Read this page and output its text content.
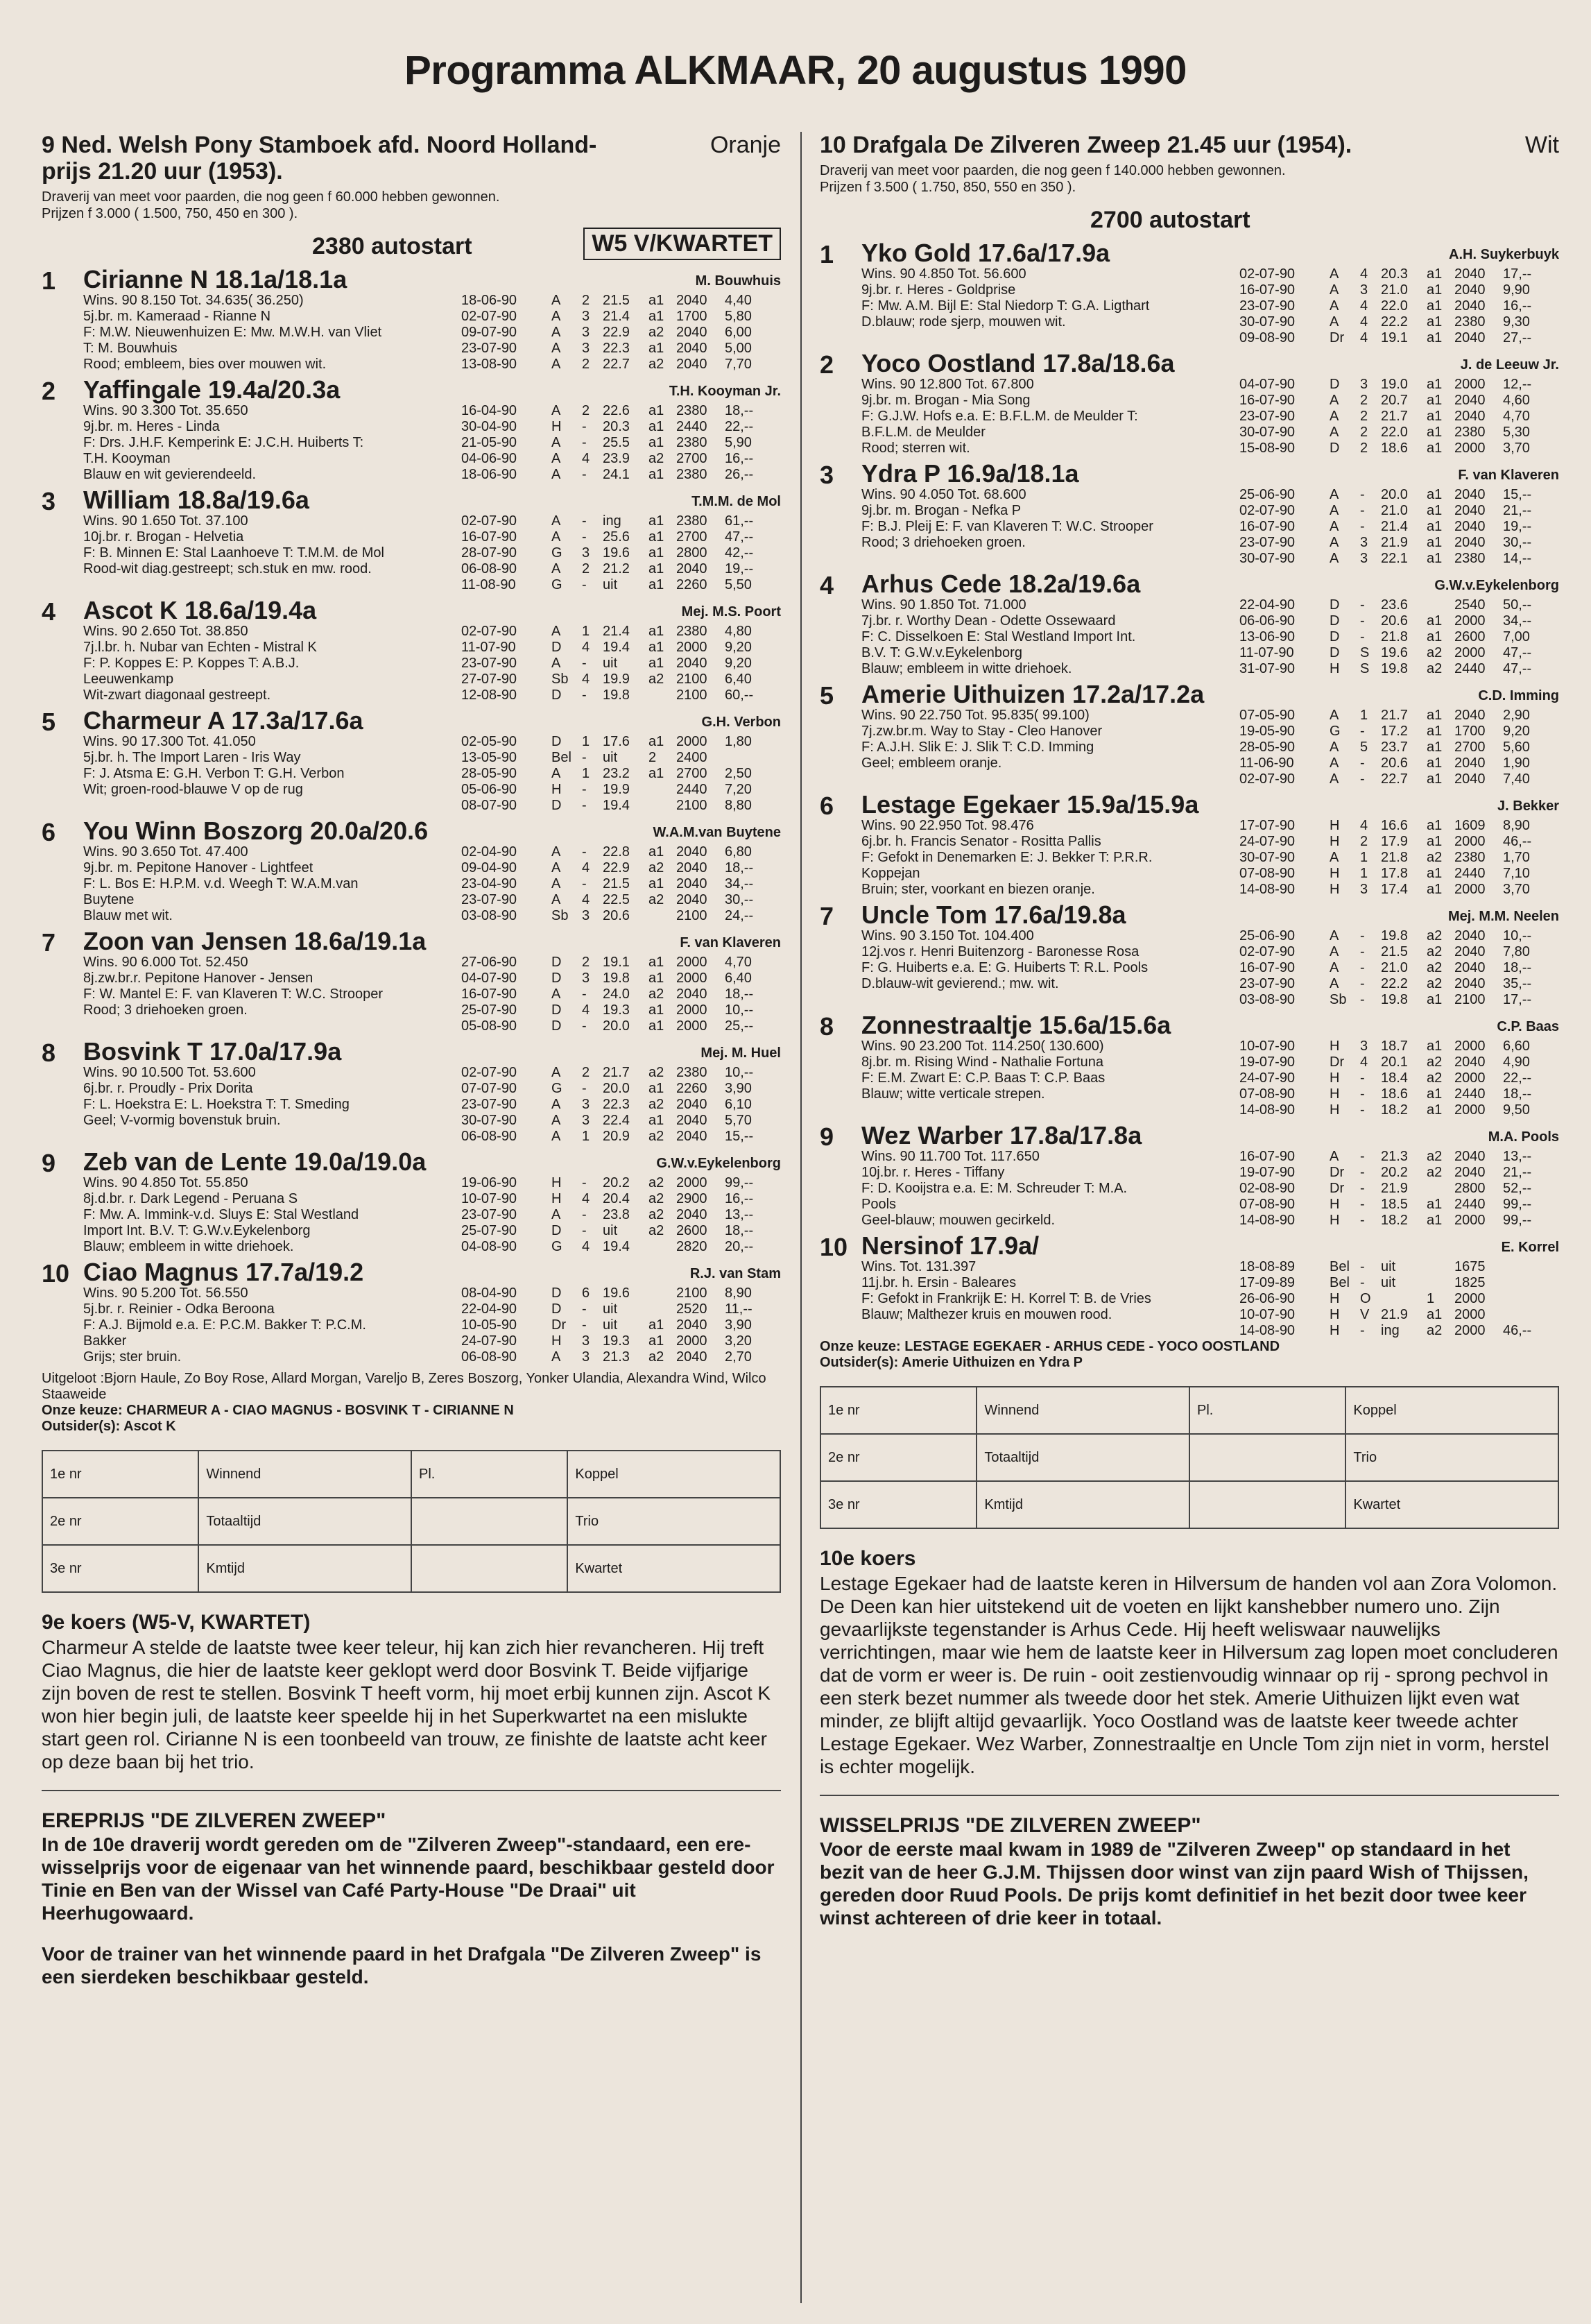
Programma ALKMAAR, 20 augustus 1990
9 Ned. Welsh Pony Stamboek afd. Noord Holland-prijs 21.20 uur (1953).
Oranje
Draverij van meet voor paarden, die nog geen f 60.000 hebben gewonnen.
Prijzen f 3.000 ( 1.500, 750, 450 en 300 ).
2380 autostart	W5 V/KWARTET
1 Cirianne N 18.1a/18.1a	M. Bouwhuis
Wins. 90 8.150 Tot. 34.635( 36.250)
5j.br. m. Kameraad - Rianne N
F: M.W. Nieuwenhuizen E: Mw. M.W.H. van Vliet
T: M. Bouwhuis
Rood; embleem, bies over mouwen wit.
18-06-90	A	2 21.5	a1 2040	4,40
02-07-90	A	3 21.4	a1 1700	5,80
09-07-90	A	3 22.9	a2 2040	6,00
23-07-90	A	3 22.3	a1 2040	5,00
13-08-90	A	2 22.7	a2 2040	7,70
2 Yaffingale 19.4a/20.3a	T.H. Kooyman Jr.
Wins. 90 3.300 Tot. 35.650
9j.br. m. Heres - Linda
F: Drs. J.H.F. Kemperink E: J.C.H. Huiberts T:
T.H. Kooyman
Blauw en wit gevierendeeld.
16-04-90	A	2 22.6	a1 2380	18,--
30-04-90	H	-	20.3	a1 2440	22,--
21-05-90	A	-	25.5	a1 2380	5,90
04-06-90	A	4 23.9	a2 2700	16,--
18-06-90	A	-	24.1	a1 2380	26,--
3 William 18.8a/19.6a	T.M.M. de Mol
Wins. 90 1.650 Tot. 37.100
10j.br. r. Brogan - Helvetia
F: B. Minnen E: Stal Laanhoeve T: T.M.M. de Mol
Rood-wit diag.gestreept; sch.stuk en mw. rood.
02-07-90	A	-	ing	a1 2380	61,--
16-07-90	A	-	25.6	a1 2700	47,--
28-07-90	G	3 19.6	a1 2800	42,--
06-08-90	A	2 21.2	a1 2040	19,--
11-08-90	G	-	uit	a1 2260	5,50
4 Ascot K 18.6a/19.4a	Mej. M.S. Poort
Wins. 90 2.650 Tot. 38.850
7j.l.br. h. Nubar van Echten - Mistral K
F: P. Koppes E: P. Koppes T: A.B.J.
Leeuwenkamp
Wit-zwart diagonaal gestreept.
02-07-90	A	1 21.4	a1 2380	4,80
11-07-90	D	4 19.4	a1 2000	9,20
23-07-90	A	-	uit	a1 2040	9,20
27-07-90	Sb 4 19.9	a2 2100	6,40
12-08-90	D	-	19.8	2100	60,--
5 Charmeur A 17.3a/17.6a	G.H. Verbon
Wins. 90 17.300 Tot. 41.050
5j.br. h. The Import Laren - Iris Way
F: J. Atsma E: G.H. Verbon T: G.H. Verbon
Wit; groen-rood-blauwe V op de rug
02-05-90	D	1 17.6	a1 2000	1,80
13-05-90	Bel -	uit	2	2400
28-05-90	A	1 23.2	a1 2700	2,50
05-06-90	H	-	19.9	2440	7,20
08-07-90	D	-	19.4	2100	8,80
6 You Winn Boszorg 20.0a/20.6	W.A.M.van Buytene
Wins. 90 3.650 Tot. 47.400
9j.br. m. Pepitone Hanover - Lightfeet
F: L. Bos E: H.P.M. v.d. Weegh T: W.A.M.van
Buytene
Blauw met wit.
02-04-90	A	-	22.8	a1 2040	6,80
09-04-90	A	4 22.9	a2 2040	18,--
23-04-90	A	-	21.5	a1 2040	34,--
23-07-90	A	4 22.5	a2 2040	30,--
03-08-90	Sb 3 20.6	2100	24,--
7 Zoon van Jensen 18.6a/19.1a	F. van Klaveren
Wins. 90 6.000 Tot. 52.450
8j.zw.br.r. Pepitone Hanover - Jensen
F: W. Mantel E: F. van Klaveren T: W.C. Strooper
Rood; 3 driehoeken groen.
27-06-90	D	2 19.1	a1 2000	4,70
04-07-90	D	3 19.8	a1 2000	6,40
16-07-90	A	-	24.0	a2 2040	18,--
25-07-90	D	4 19.3	a1 2000	10,--
05-08-90	D	-	20.0	a1 2000	25,--
8 Bosvink T 17.0a/17.9a	Mej. M. Huel
Wins. 90 10.500 Tot. 53.600
6j.br. r. Proudly - Prix Dorita
F: L. Hoekstra E: L. Hoekstra T: T. Smeding
Geel; V-vormig bovenstuk bruin.
02-07-90	A	2 21.7	a2 2380	10,--
07-07-90	G	-	20.0	a1 2260	3,90
23-07-90	A	3 22.3	a2 2040	6,10
30-07-90	A	3 22.4	a1 2040	5,70
06-08-90	A	1 20.9	a2 2040	15,--
9 Zeb van de Lente 19.0a/19.0a	G.W.v.Eykelenborg
Wins. 90 4.850 Tot. 55.850
8j.d.br. r. Dark Legend - Peruana S
F: Mw. A. Immink-v.d. Sluys E: Stal Westland
Import Int. B.V. T: G.W.v.Eykelenborg
Blauw; embleem in witte driehoek.
19-06-90	H	-	20.2	a2 2000	99,--
10-07-90	H	4 20.4	a2 2900	16,--
23-07-90	A	-	23.8	a2 2040	13,--
25-07-90	D	-	uit	a2 2600	18,--
04-08-90	G	4 19.4	2820	20,--
10 Ciao Magnus 17.7a/19.2	R.J. van Stam
Wins. 90 5.200 Tot. 56.550
5j.br. r. Reinier - Odka Beroona
F: A.J. Bijmold e.a. E: P.C.M. Bakker T: P.C.M.
Bakker
Grijs; ster bruin.
08-04-90	D	6 19.6	2100	8,90
22-04-90	D	-	uit	2520	11,--
10-05-90	Dr	-	uit	a1 2040	3,90
24-07-90	H	3 19.3	a1 2000	3,20
06-08-90	A	3 21.3	a2 2040	2,70
Uitgeloot :Bjorn Haule, Zo Boy Rose, Allard Morgan, Vareljo B, Zeres Boszorg, Yonker Ulandia, Alexandra Wind, Wilco Staaweide
Onze keuze: CHARMEUR A - CIAO MAGNUS - BOSVINK T - CIRIANNE N
Outsider(s): Ascot K
1e nr	Winnend	Pl.	Koppel
2e nr	Totaaltijd		Trio
3e nr	Kmtijd		Kwartet
9e koers (W5-V, KWARTET)
Charmeur A stelde de laatste twee keer teleur, hij kan zich hier revancheren. Hij treft Ciao Magnus, die hier de laatste keer geklopt werd door Bosvink T. Beide vijfjarige zijn boven de rest te stellen. Bosvink T heeft vorm, hij moet erbij kunnen zijn. Ascot K won hier begin juli, de laatste keer speelde hij in het Superkwartet na een mislukte start geen rol. Cirianne N is een toonbeeld van trouw, ze finishte de laatste acht keer op deze baan bij het trio.
EREPRIJS "DE ZILVEREN ZWEEP"
In de 10e draverij wordt gereden om de "Zilveren Zweep"-standaard, een ere-wisselprijs voor de eigenaar van het winnende paard, beschikbaar gesteld door Tinie en Ben van der Wissel van Café Party-House "De Draai" uit Heerhugowaard.
Voor de trainer van het winnende paard in het Drafgala "De Zilveren Zweep" is een sierdeken beschikbaar gesteld.
10 Drafgala De Zilveren Zweep 21.45 uur (1954).	Wit
Draverij van meet voor paarden, die nog geen f 140.000 hebben gewonnen.
Prijzen f 3.500 ( 1.750, 850, 550 en 350 ).
2700 autostart
1 Yko Gold 17.6a/17.9a	A.H. Suykerbuyk
Wins. 90 4.850 Tot. 56.600
9j.br. r. Heres - Goldprise
F: Mw. A.M. Bijl E: Stal Niedorp T: G.A. Ligthart
D.blauw; rode sjerp, mouwen wit.
02-07-90	A	4 20.3	a1 2040	17,--
16-07-90	A	3 21.0	a1 2040	9,90
23-07-90	A	4 22.0	a1 2040	16,--
30-07-90	A	4 22.2	a1 2380	9,30
09-08-90	Dr	4 19.1	a1 2040	27,--
2 Yoco Oostland 17.8a/18.6a	J. de Leeuw Jr.
Wins. 90 12.800 Tot. 67.800
9j.br. m. Brogan - Mia Song
F: G.J.W. Hofs e.a. E: B.F.L.M. de Meulder T:
B.F.L.M. de Meulder
Rood; sterren wit.
04-07-90	D	3 19.0	a1 2000	12,--
16-07-90	A	2 20.7	a1 2040	4,60
23-07-90	A	2 21.7	a1 2040	4,70
30-07-90	A	2 22.0	a1 2380	5,30
15-08-90	D	2 18.6	a1 2000	3,70
3 Ydra P 16.9a/18.1a	F. van Klaveren
Wins. 90 4.050 Tot. 68.600
9j.br. m. Brogan - Nefka P
F: B.J. Pleij E: F. van Klaveren T: W.C. Strooper
Rood; 3 driehoeken groen.
25-06-90	A	-	20.0	a1 2040	15,--
02-07-90	A	-	21.0	a1 2040	21,--
16-07-90	A	-	21.4	a1 2040	19,--
23-07-90	A	3 21.9	a1 2040	30,--
30-07-90	A	3 22.1	a1 2380	14,--
4 Arhus Cede 18.2a/19.6a	G.W.v.Eykelenborg
Wins. 90 1.850 Tot. 71.000
7j.br. r. Worthy Dean - Odette Ossewaard
F: C. Disselkoen E: Stal Westland Import Int.
B.V. T: G.W.v.Eykelenborg
Blauw; embleem in witte driehoek.
22-04-90	D	-	23.6	2540	50,--
06-06-90	D	-	20.6	a1 2000	34,--
13-06-90	D	-	21.8	a1 2600	7,00
11-07-90	D	S 19.6	a2 2000	47,--
31-07-90	H	S 19.8	a2 2440	47,--
5 Amerie Uithuizen 17.2a/17.2a	C.D. Imming
Wins. 90 22.750 Tot. 95.835( 99.100)
7j.zw.br.m. Way to Stay - Cleo Hanover
F: A.J.H. Slik E: J. Slik T: C.D. Imming
Geel; embleem oranje.
07-05-90	A	1 21.7	a1 2040	2,90
19-05-90	G	-	17.2	a1 1700	9,20
28-05-90	A	5 23.7	a1 2700	5,60
11-06-90	A	-	20.6	a1 2040	1,90
02-07-90	A	-	22.7	a1 2040	7,40
6 Lestage Egekaer 15.9a/15.9a	J. Bekker
Wins. 90 22.950 Tot. 98.476
6j.br. h. Francis Senator - Rositta Pallis
F: Gefokt in Denemarken E: J. Bekker T: P.R.R.
Koppejan
Bruin; ster, voorkant en biezen oranje.
17-07-90	H	4 16.6	a1 1609	8,90
24-07-90	H	2 17.9	a1 2000	46,--
30-07-90	A	1 21.8	a2 2380	1,70
07-08-90	H	1 17.8	a1 2440	7,10
14-08-90	H	3 17.4	a1 2000	3,70
7 Uncle Tom 17.6a/19.8a	Mej. M.M. Neelen
Wins. 90 3.150 Tot. 104.400
12j.vos r. Henri Buitenzorg - Baronesse Rosa
F: G. Huiberts e.a. E: G. Huiberts T: R.L. Pools
D.blauw-wit gevierend.; mw. wit.
25-06-90	A	-	19.8	a2 2040	10,--
02-07-90	A	-	21.5	a2 2040	7,80
16-07-90	A	-	21.0	a2 2040	18,--
23-07-90	A	-	22.2	a2 2040	35,--
03-08-90	Sb -	19.8	a1 2100	17,--
8 Zonnestraaltje 15.6a/15.6a	C.P. Baas
Wins. 90 23.200 Tot. 114.250( 130.600)
8j.br. m. Rising Wind - Nathalie Fortuna
F: E.M. Zwart E: C.P. Baas T: C.P. Baas
Blauw; witte verticale strepen.
10-07-90	H	3 18.7	a1 2000	6,60
19-07-90	Dr	4 20.1	a2 2040	4,90
24-07-90	H	-	18.4	a2 2000	22,--
07-08-90	H	-	18.6	a1 2440	18,--
14-08-90	H	-	18.2	a1 2000	9,50
9 Wez Warber 17.8a/17.8a	M.A. Pools
Wins. 90 11.700 Tot. 117.650
10j.br. r. Heres - Tiffany
F: D. Kooijstra e.a. E: M. Schreuder T: M.A.
Pools
Geel-blauw; mouwen gecirkeld.
16-07-90	A	-	21.3	a2 2040	13,--
19-07-90	Dr	-	20.2	a2 2040	21,--
02-08-90	Dr	-	21.9	2800	52,--
07-08-90	H	-	18.5	a1 2440	99,--
14-08-90	H	-	18.2	a1 2000	99,--
10 Nersinof 17.9a/	E. Korrel
Wins. Tot. 131.397
11j.br. h. Ersin - Baleares
F: Gefokt in Frankrijk E: H. Korrel T: B. de Vries
Blauw; Malthezer kruis en mouwen rood.
18-08-89	Bel -	uit	1675
17-09-89	Bel -	uit	1825
26-06-90	H	O	1	2000
10-07-90	H	V 21.9	a1 2000
14-08-90	H	-	ing	a2 2000	46,--
Onze keuze: LESTAGE EGEKAER - ARHUS CEDE - YOCO OOSTLAND
Outsider(s): Amerie Uithuizen en Ydra P
1e nr	Winnend	Pl.	Koppel
2e nr	Totaaltijd		Trio
3e nr	Kmtijd		Kwartet
10e koers
Lestage Egekaer had de laatste keren in Hilversum de handen vol aan Zora Volomon. De Deen kan hier uitstekend uit de voeten en lijkt kanshebber numero uno. Zijn gevaarlijkste tegenstander is Arhus Cede. Hij heeft weliswaar nauwelijks verrichtingen, maar wie hem de laatste keer in Hilversum zag lopen moet concluderen dat de vorm er weer is. De ruin - ooit zestienvoudig winnaar op rij - sprong pechvol in een sterk bezet nummer als tweede door het stek. Amerie Uithuizen lijkt even wat minder, ze blijft altijd gevaarlijk. Yoco Oostland was de laatste keer tweede achter Lestage Egekaer. Wez Warber, Zonnestraaltje en Uncle Tom zijn niet in vorm, herstel is echter mogelijk.
WISSELPRIJS "DE ZILVEREN ZWEEP"
Voor de eerste maal kwam in 1989 de "Zilveren Zweep" op standaard in het bezit van de heer G.J.M. Thijssen door winst van zijn paard Wish of Thijssen, gereden door Ruud Pools. De prijs komt definitief in het bezit door twee keer winst achtereen of drie keer in totaal.
